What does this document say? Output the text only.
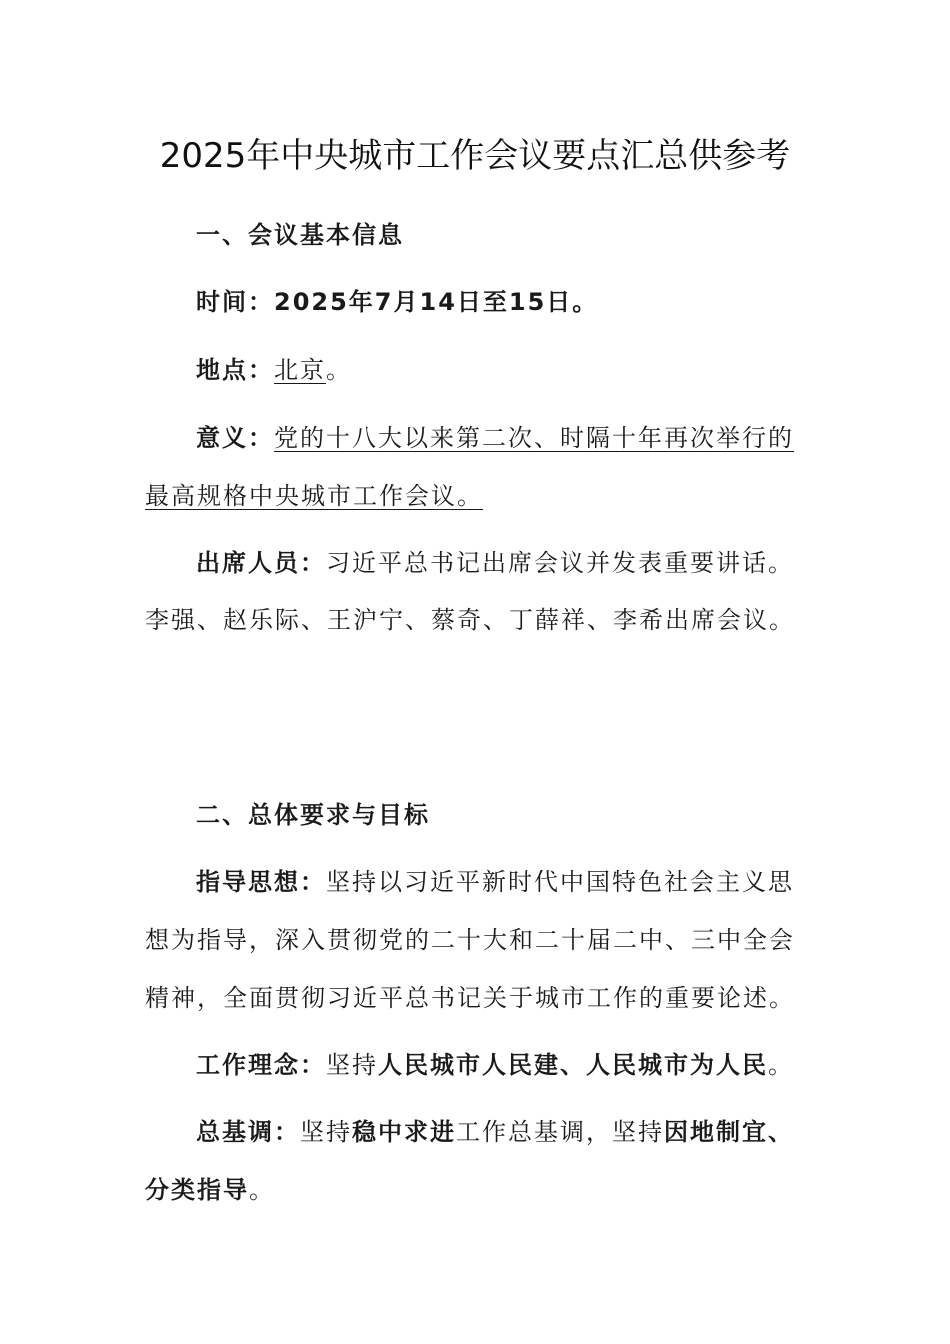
2025年中央城市工作会议要点汇总供参考
一、会议基本信息
时间：2025年7月14日至15日。
地点：北京。
意义：党的十八大以来第二次、时隔十年再次举行的
最高规格中央城市工作会议。
出席人员：习近平总书记出席会议并发表重要讲话。
李强、赵乐际、王沪宁、蔡奇、丁薛祥、李希出席会议。
二、总体要求与目标
指导思想：坚持以习近平新时代中国特色社会主义思
想为指导，深入贯彻党的二十大和二十届二中、三中全会
精神，全面贯彻习近平总书记关于城市工作的重要论述。
工作理念：坚持人民城市人民建、人民城市为人民。
总基调：坚持稳中求进工作总基调，坚持因地制宜、
分类指导。
